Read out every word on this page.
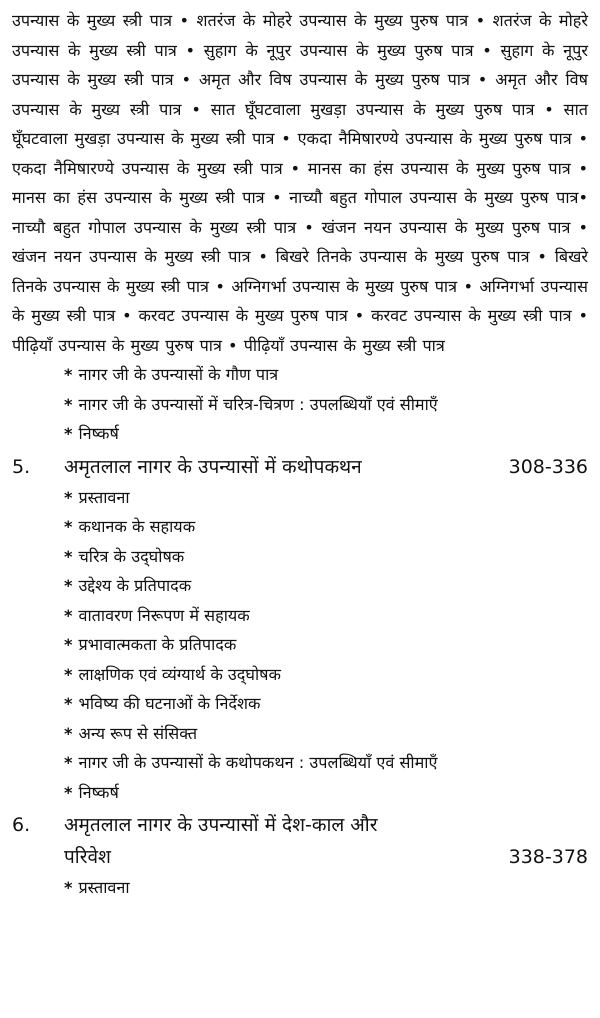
उपन्यास के मुख्य स्त्री पात्र • शतरंज के मोहरे उपन्यास के मुख्य पुरुष पात्र • शतरंज के मोहरे उपन्यास के मुख्य स्त्री पात्र • सुहाग के नूपुर उपन्यास के मुख्य पुरुष पात्र • सुहाग के नूपुर उपन्यास के मुख्य स्त्री पात्र • अमृत और विष उपन्यास के मुख्य पुरुष पात्र • अमृत और विष उपन्यास के मुख्य स्त्री पात्र • सात घूँघटवाला मुखड़ा उपन्यास के मुख्य पुरुष पात्र • सात घूँघटवाला मुखड़ा उपन्यास के मुख्य स्त्री पात्र • एकदा नैमिषारण्ये उपन्यास के मुख्य पुरुष पात्र • एकदा नैमिषारण्ये उपन्यास के मुख्य स्त्री पात्र • मानस का हंस उपन्यास के मुख्य पुरुष पात्र • मानस का हंस उपन्यास के मुख्य स्त्री पात्र • नाच्यौ बहुत गोपाल उपन्यास के मुख्य पुरुष पात्र• नाच्यौ बहुत गोपाल उपन्यास के मुख्य स्त्री पात्र • खंजन नयन उपन्यास के मुख्य पुरुष पात्र • खंजन नयन उपन्यास के मुख्य स्त्री पात्र • बिखरे तिनके उपन्यास के मुख्य पुरुष पात्र • बिखरे तिनके उपन्यास के मुख्य स्त्री पात्र • अग्निगर्भा उपन्यास के मुख्य पुरुष पात्र • अग्निगर्भा उपन्यास के मुख्य स्त्री पात्र • करवट उपन्यास के मुख्य पुरुष पात्र • करवट उपन्यास के मुख्य स्त्री पात्र • पीढ़ियाँ उपन्यास के मुख्य पुरुष पात्र • पीढ़ियाँ उपन्यास के मुख्य स्त्री पात्र

* नागर जी के उपन्यासों के गौण पात्र
* नागर जी के उपन्यासों में चरित्र-चित्रण : उपलब्धियाँ एवं सीमाएँ
* निष्कर्ष
5.	अमृतलाल नागर के उपन्यासों में कथोपकथन	308-336
* प्रस्तावना
* कथानक के सहायक
* चरित्र के उद्‌घोषक
* उद्देश्य के प्रतिपादक
* वातावरण निरूपण में सहायक
* प्रभावात्मकता के प्रतिपादक
* लाक्षणिक एवं व्यंग्यार्थ के उद्‌घोषक
* भविष्य की घटनाओं के निर्देशक
* अन्य रूप से संसिक्त
* नागर जी के उपन्यासों के कथोपकथन : उपलब्धियाँ एवं सीमाएँ
* निष्कर्ष
6.	अमृतलाल नागर के उपन्यासों में देश-काल और
परिवेश	338-378
* प्रस्तावना
